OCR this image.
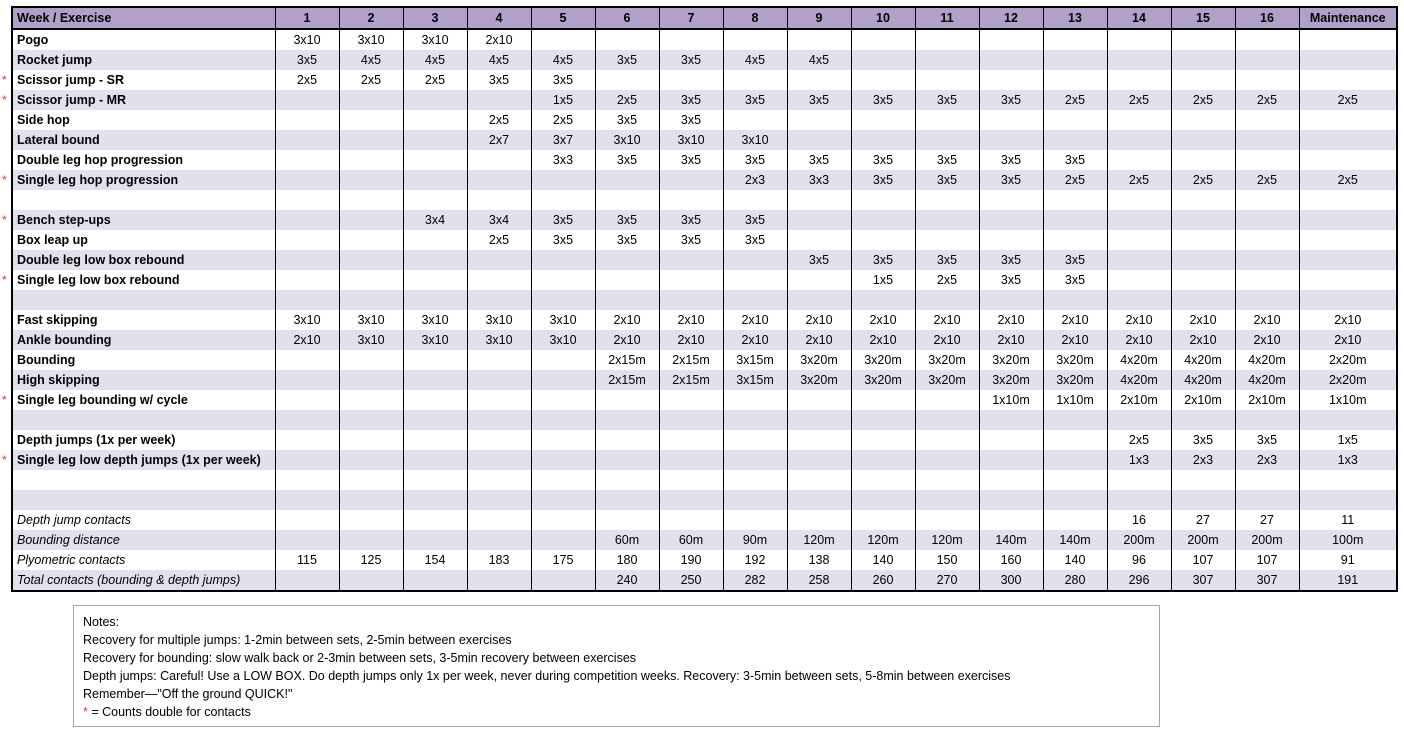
Week / Exercise	1	2	3	4	5	6	7	8	9	10	11	12	13	14	15	16	Maintenance
Pogo	3x10	3x10	3x10	2x10													
Rocket jump	3x5	4x5	4x5	4x5	4x5	3x5	3x5	4x5	4x5								

* Scissor jump - SR	2x5	2x5	2x5	3x5	3x5												

* Scissor jump - MR					1x5	2x5	3x5	3x5	3x5	3x5	3x5	3x5	2x5	2x5	2x5	2x5	2x5
Side hop				2x5	2x5	3x5	3x5										
Lateral bound				2x7	3x7	3x10	3x10	3x10									
Double leg hop progression					3x3	3x5	3x5	3x5	3x5	3x5	3x5	3x5	3x5				

* Single leg hop progression								2x3	3x3	3x5	3x5	3x5	2x5	2x5	2x5	2x5	2x5

* Bench step-ups			3x4	3x4	3x5	3x5	3x5	3x5									
Box leap up				2x5	3x5	3x5	3x5	3x5									
Double leg low box rebound									3x5	3x5	3x5	3x5	3x5				

* Single leg low box rebound										1x5	2x5	3x5	3x5				

Fast skipping	3x10	3x10	3x10	3x10	3x10	2x10	2x10	2x10	2x10	2x10	2x10	2x10	2x10	2x10	2x10	2x10	2x10
Ankle bounding	2x10	3x10	3x10	3x10	3x10	2x10	2x10	2x10	2x10	2x10	2x10	2x10	2x10	2x10	2x10	2x10	2x10
Bounding						2x15m	2x15m	3x15m	3x20m	3x20m	3x20m	3x20m	3x20m	4x20m	4x20m	4x20m	2x20m
High skipping						2x15m	2x15m	3x15m	3x20m	3x20m	3x20m	3x20m	3x20m	4x20m	4x20m	4x20m	2x20m

* Single leg bounding w/ cycle												1x10m	1x10m	2x10m	2x10m	2x10m	1x10m

Depth jumps (1x per week)														2x5	3x5	3x5	1x5

* Single leg low depth jumps (1x per week)														1x3	2x3	2x3	1x3

Depth jump contacts														16	27	27	11
Bounding distance						60m	60m	90m	120m	120m	120m	140m	140m	200m	200m	200m	100m
Plyometric contacts	115	125	154	183	175	180	190	192	138	140	150	160	140	96	107	107	91
Total contacts (bounding & depth jumps)						240	250	282	258	260	270	300	280	296	307	307	191
Notes:
Recovery for multiple jumps: 1-2min between sets, 2-5min between exercises
Recovery for bounding: slow walk back or 2-3min between sets, 3-5min recovery between exercises
Depth jumps: Careful! Use a LOW BOX. Do depth jumps only 1x per week, never during competition weeks. Recovery: 3-5min between sets, 5-8min between exercises
Remember—"Off the ground QUICK!"
* = Counts double for contacts
